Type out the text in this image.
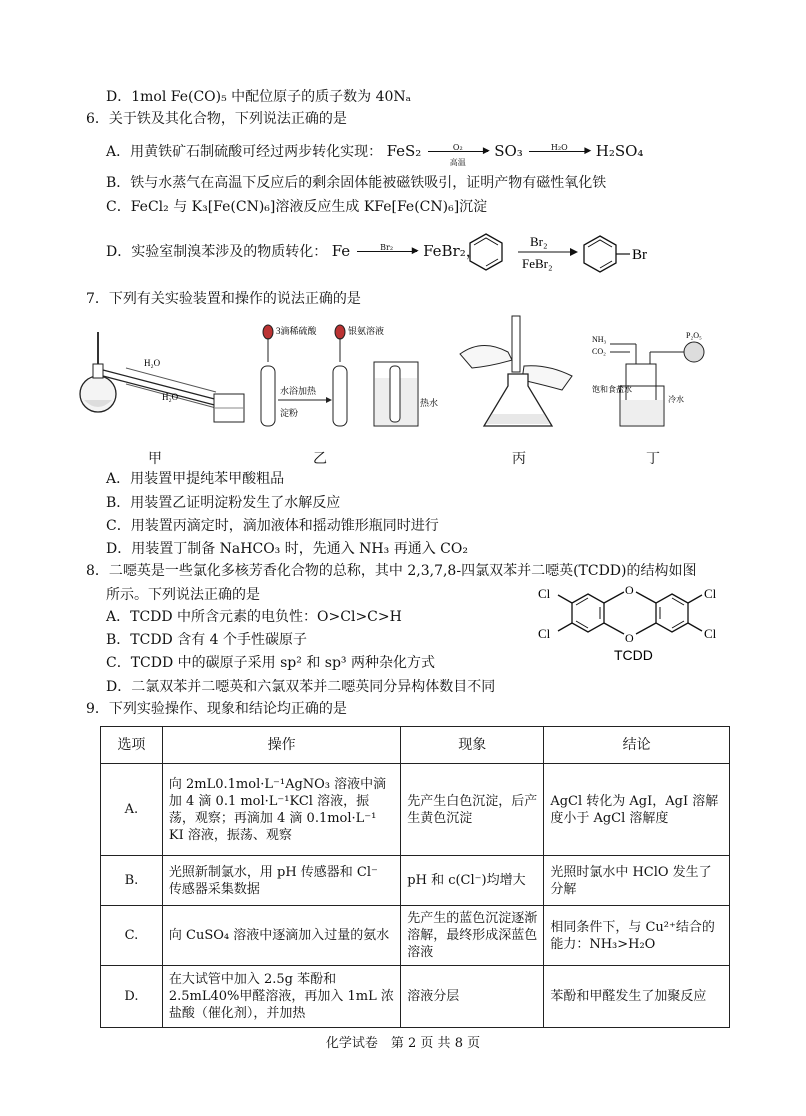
D．1mol Fe(CO)₅ 中配位原子的质子数为 40Nₐ
6．关于铁及其化合物，下列说法正确的是
A．用黄铁矿石制硫酸可经过两步转化实现： FeS₂	O₂	▶
高温
SO₃	H₂O	▶ H₂SO₄
B．铁与水蒸气在高温下反应后的剩余固体能被磁铁吸引，证明产物有磁性氧化铁
C．FeCl₂ 与 K₃[Fe(CN)₆]溶液反应生成 KFe[Fe(CN)₆]沉淀
D．实验室制溴苯涉及的物质转化： Fe	Br₂	▶ FeBr₂，
Br₂
FeBr₂
Br
7．下列有关实验装置和操作的说法正确的是
H₂O
H₂O
甲
3滴稀硫酸	银氨溶液
水浴加热
淀粉
热水
乙	丙
NH₃
CO₂
P₂O₅
饱和食盐水
冷水
丁
A．用装置甲提纯苯甲酸粗品
B．用装置乙证明淀粉发生了水解反应
C．用装置丙滴定时，滴加液体和摇动锥形瓶同时进行
D．用装置丁制备 NaHCO₃ 时，先通入 NH₃ 再通入 CO₂
8．二噁英是一些氯化多核芳香化合物的总称，其中 2,3,7,8-四氯双苯并二噁英(TCDD)的结构如图
所示。下列说法正确的是
A．TCDD 中所含元素的电负性：O>Cl>C>H
B．TCDD 含有 4 个手性碳原子
C．TCDD 中的碳原子采用 sp² 和 sp³ 两种杂化方式
D．二氯双苯并二噁英和六氯双苯并二噁英同分异构体数目不同
O
O
Cl
Cl
Cl
Cl
TCDD
9．下列实验操作、现象和结论均正确的是
选项	操作	现象	结论
A.	向 2mL0.1mol·L⁻¹AgNO₃ 溶液中滴加 4 滴 0.1 mol·L⁻¹KCl 溶液，振荡，观察；再滴加 4 滴 0.1mol·L⁻¹ KI 溶液，振荡、观察	先产生白色沉淀，后产生黄色沉淀	AgCl 转化为 AgI，AgI 溶解度小于 AgCl 溶解度
B.	光照新制氯水，用 pH 传感器和 Cl⁻ 传感器采集数据	pH 和 c(Cl⁻)均增大	光照时氯水中 HClO 发生了分解
C.	向 CuSO₄ 溶液中逐滴加入过量的氨水	先产生的蓝色沉淀逐渐溶解，最终形成深蓝色溶液	相同条件下，与 Cu²⁺结合的能力：NH₃>H₂O
D.	在大试管中加入 2.5g 苯酚和 2.5mL40%甲醛溶液，再加入 1mL 浓盐酸（催化剂），并加热	溶液分层	苯酚和甲醛发生了加聚反应
化学试卷　第 2 页 共 8 页
